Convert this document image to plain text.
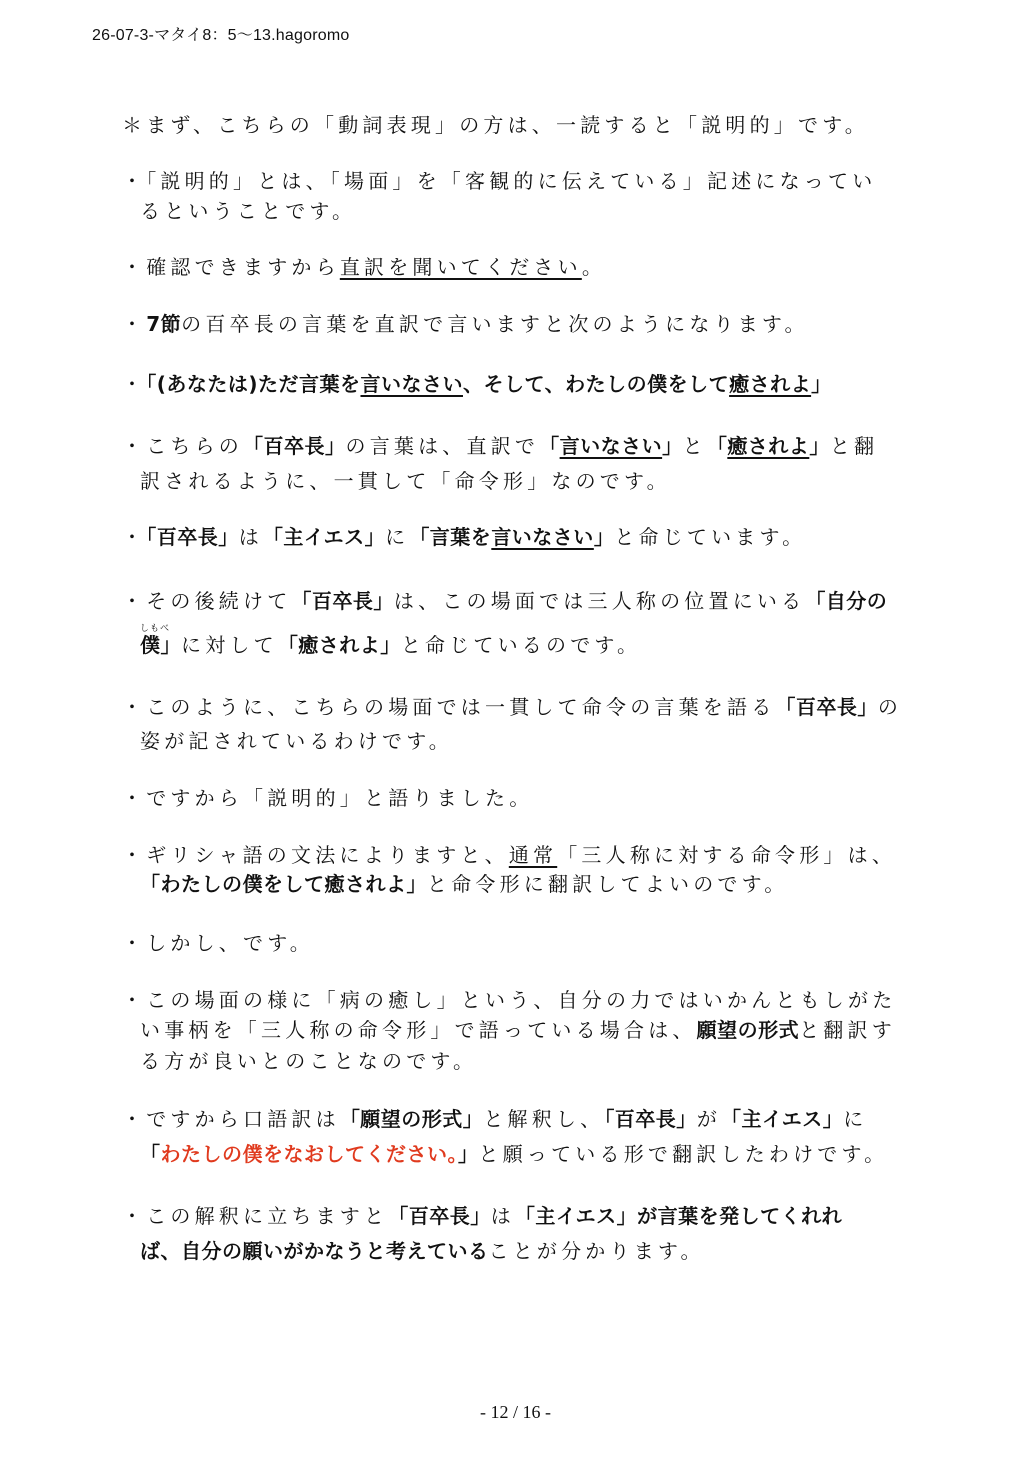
26-07-3-マタイ8：5〜13.hagoromo
＊まず、こちらの「動詞表現」の方は、一読すると「説明的」です。
・「説明的」とは、「場面」を「客観的に伝えている」記述になってい
るということです。
・確認できますから直訳を聞いてください。
・7節の百卒長の言葉を直訳で言いますと次のようになります。
・「(あなたは)ただ言葉を言いなさい、そして、わたしの僕をして癒されよ」
・こちらの「百卒長」の言葉は、直訳で「言いなさい」と「癒されよ」と翻
訳されるように、一貫して「命令形」なのです。
・「百卒長」は「主イエス」に「言葉を言いなさい」と命じています。
・その後続けて「百卒長」は、この場面では三人称の位置にいる「自分の
しもべ
僕」に対して「癒されよ」と命じているのです。
・このように、こちらの場面では一貫して命令の言葉を語る「百卒長」の
姿が記されているわけです。
・ですから「説明的」と語りました。
・ギリシャ語の文法によりますと、通常「三人称に対する命令形」は、
「わたしの僕をして癒されよ」と命令形に翻訳してよいのです。
・しかし、です。
・この場面の様に「病の癒し」という、自分の力ではいかんともしがた
い事柄を「三人称の命令形」で語っている場合は、願望の形式と翻訳す
る方が良いとのことなのです。
・ですから口語訳は「願望の形式」と解釈し、「百卒長」が「主イエス」に
「わたしの僕をなおしてください。」と願っている形で翻訳したわけです。
・この解釈に立ちますと「百卒長」は「主イエス」が言葉を発してくれれ
ば、自分の願いがかなうと考えていることが分かります。
- 12 / 16 -
